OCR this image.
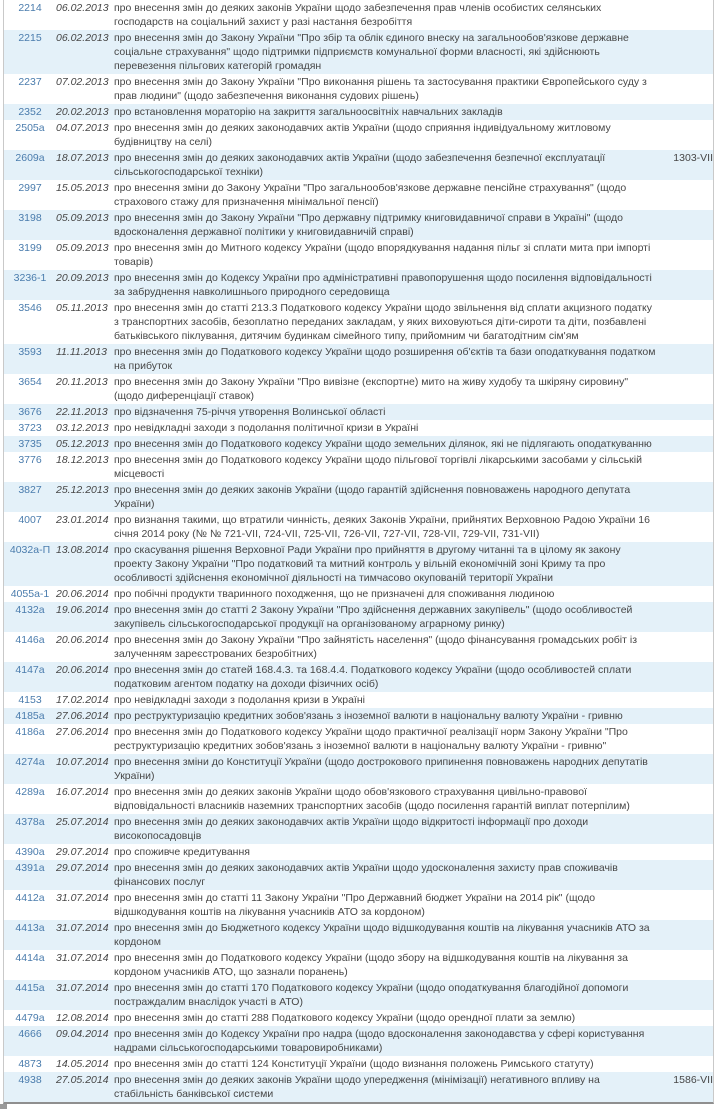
2214	06.02.2013	про внесення змін до деяких законів України щодо забезпечення прав членів особистих селянських господарств на соціальний захист у разі настання безробіття	
2215	06.02.2013	про внесення змін до Закону України "Про збір та облік єдиного внеску на загальнообов'язкове державне соціальне страхування" щодо підтримки підприємств комунальної форми власності, які здійснюють перевезення пільгових категорій громадян	
2237	07.02.2013	про внесення змін до Закону України "Про виконання рішень та застосування практики Європейського суду з прав людини" (щодо забезпечення виконання судових рішень)	
2352	20.02.2013	про встановлення мораторію на закриття загальноосвітніх навчальних закладів	
2505а	04.07.2013	про внесення змін до деяких законодавчих актів України (щодо сприяння індивідуальному житловому будівництву на селі)	
2609а	18.07.2013	про внесення змін до деяких законодавчих актів України (щодо забезпечення безпечної експлуатації сільськогосподарської техніки)	1303-VII
2997	15.05.2013	про внесення зміни до Закону України "Про загальнообов'язкове державне пенсійне страхування" (щодо страхового стажу для призначення мінімальної пенсії)	
3198	05.09.2013	про внесення змін до Закону України "Про державну підтримку книговидавничої справи в Україні" (щодо вдосконалення державної політики у книговидавничій справі)	
3199	05.09.2013	про внесення змін до Митного кодексу України (щодо впорядкування надання пільг зі сплати мита при імпорті товарів)	
3236-1	20.09.2013	про внесення змін до Кодексу України про адміністративні правопорушення щодо посилення відповідальності за забруднення навколишнього природного середовища	
3546	05.11.2013	про внесення змін до статті 213.3 Податкового кодексу України щодо звільнення від сплати акцизного податку з транспортних засобів, безоплатно переданих закладам, у яких виховуються діти-сироти та діти, позбавлені батьківського піклування, дитячим будинкам сімейного типу, прийомним чи багатодітним сім'ям	
3593	11.11.2013	про внесення змін до Податкового кодексу України щодо розширення об'єктів та бази оподаткування податком на прибуток	
3654	20.11.2013	про внесення змін до Закону України "Про вивізне (експортне) мито на живу худобу та шкіряну сировину" (щодо диференціації ставок)	
3676	22.11.2013	про відзначення 75-річчя утворення Волинської області	
3723	03.12.2013	про невідкладні заходи з подолання політичної кризи в Україні	
3735	05.12.2013	про внесення змін до Податкового кодексу України щодо земельних ділянок, які не підлягають оподаткуванню	
3776	18.12.2013	про внесення змін до Податкового кодексу України щодо пільгової торгівлі лікарськими засобами у сільській місцевості	
3827	25.12.2013	про внесення змін до деяких законів України (щодо гарантій здійснення повноважень народного депутата України)	
4007	23.01.2014	про визнання такими, що втратили чинність, деяких Законів України, прийнятих Верховною Радою України 16 січня 2014 року (№ № 721-VII, 724-VII, 725-VII, 726-VII, 727-VII, 728-VII, 729-VII, 731-VII)	
4032а-П	13.08.2014	про скасування рішення Верховної Ради України про прийняття в другому читанні та в цілому як закону проекту Закону України "Про податковий та митний контроль у вільній економічній зоні Криму та про особливості здійснення економічної діяльності на тимчасово окупованій території України	
4055а-1	20.06.2014	про побічні продукти тваринного походження, що не призначені для споживання людиною	
4132а	19.06.2014	про внесення змін до статті 2 Закону України "Про здійснення державних закупівель" (щодо особливостей закупівель сільськогосподарської продукції на організованому аграрному ринку)	
4146а	20.06.2014	про внесення змін до Закону України "Про зайнятість населення" (щодо фінансування громадських робіт із залученням зареєстрованих безробітних)	
4147а	20.06.2014	про внесення змін до статей 168.4.3. та 168.4.4. Податкового кодексу України (щодо особливостей сплати податковим агентом податку на доходи фізичних осіб)	
4153	17.02.2014	про невідкладні заходи з подолання кризи в Україні	
4185а	27.06.2014	про реструктуризацію кредитних зобов'язань з іноземної валюти в національну валюту України - гривню	
4186а	27.06.2014	про внесення змін до Податкового кодексу України щодо практичної реалізації норм Закону України "Про реструктуризацію кредитних зобов'язань з іноземної валюти в національну валюту України - гривню"	
4274а	10.07.2014	про внесення зміни до Конституції України (щодо дострокового припинення повноважень народних депутатів України)	
4289а	16.07.2014	про внесення змін до деяких законів України щодо обов'язкового страхування цивільно-правової відповідальності власників наземних транспортних засобів (щодо посилення гарантій виплат потерпілим)	
4378а	25.07.2014	про внесення змін до деяких законодавчих актів України щодо відкритості інформації про доходи високопосадовців	
4390а	29.07.2014	про споживче кредитування	
4391а	29.07.2014	про внесення змін до деяких законодавчих актів України щодо удосконалення захисту прав споживачів фінансових послуг	
4412а	31.07.2014	про внесення змін до статті 11 Закону України "Про Державний бюджет України на 2014 рік" (щодо відшкодування коштів на лікування учасників АТО за кордоном)	
4413а	31.07.2014	про внесення змін до Бюджетного кодексу України щодо відшкодування коштів на лікування учасників АТО за кордоном	
4414а	31.07.2014	про внесення змін до Податкового кодексу України (щодо збору на відшкодування коштів на лікування за кордоном учасників АТО, що зазнали поранень)	
4415а	31.07.2014	про внесення змін до статті 170 Податкового кодексу України (щодо оподаткування благодійної допомоги постраждалим внаслідок участі в АТО)	
4479а	12.08.2014	про внесення змін до статті 288 Податкового кодексу України (щодо орендної плати за землю)	
4666	09.04.2014	про внесення змін до Кодексу України про надра (щодо вдосконалення законодавства у сфері користування надрами сільськогосподарськими товаровиробниками)	
4873	14.05.2014	про внесення змін до статті 124 Конституції України (щодо визнання положень Римського статуту)	
4938	27.05.2014	про внесення змін до деяких законів України щодо упередження (мінімізації) негативного впливу на стабільність банківської системи	1586-VII
